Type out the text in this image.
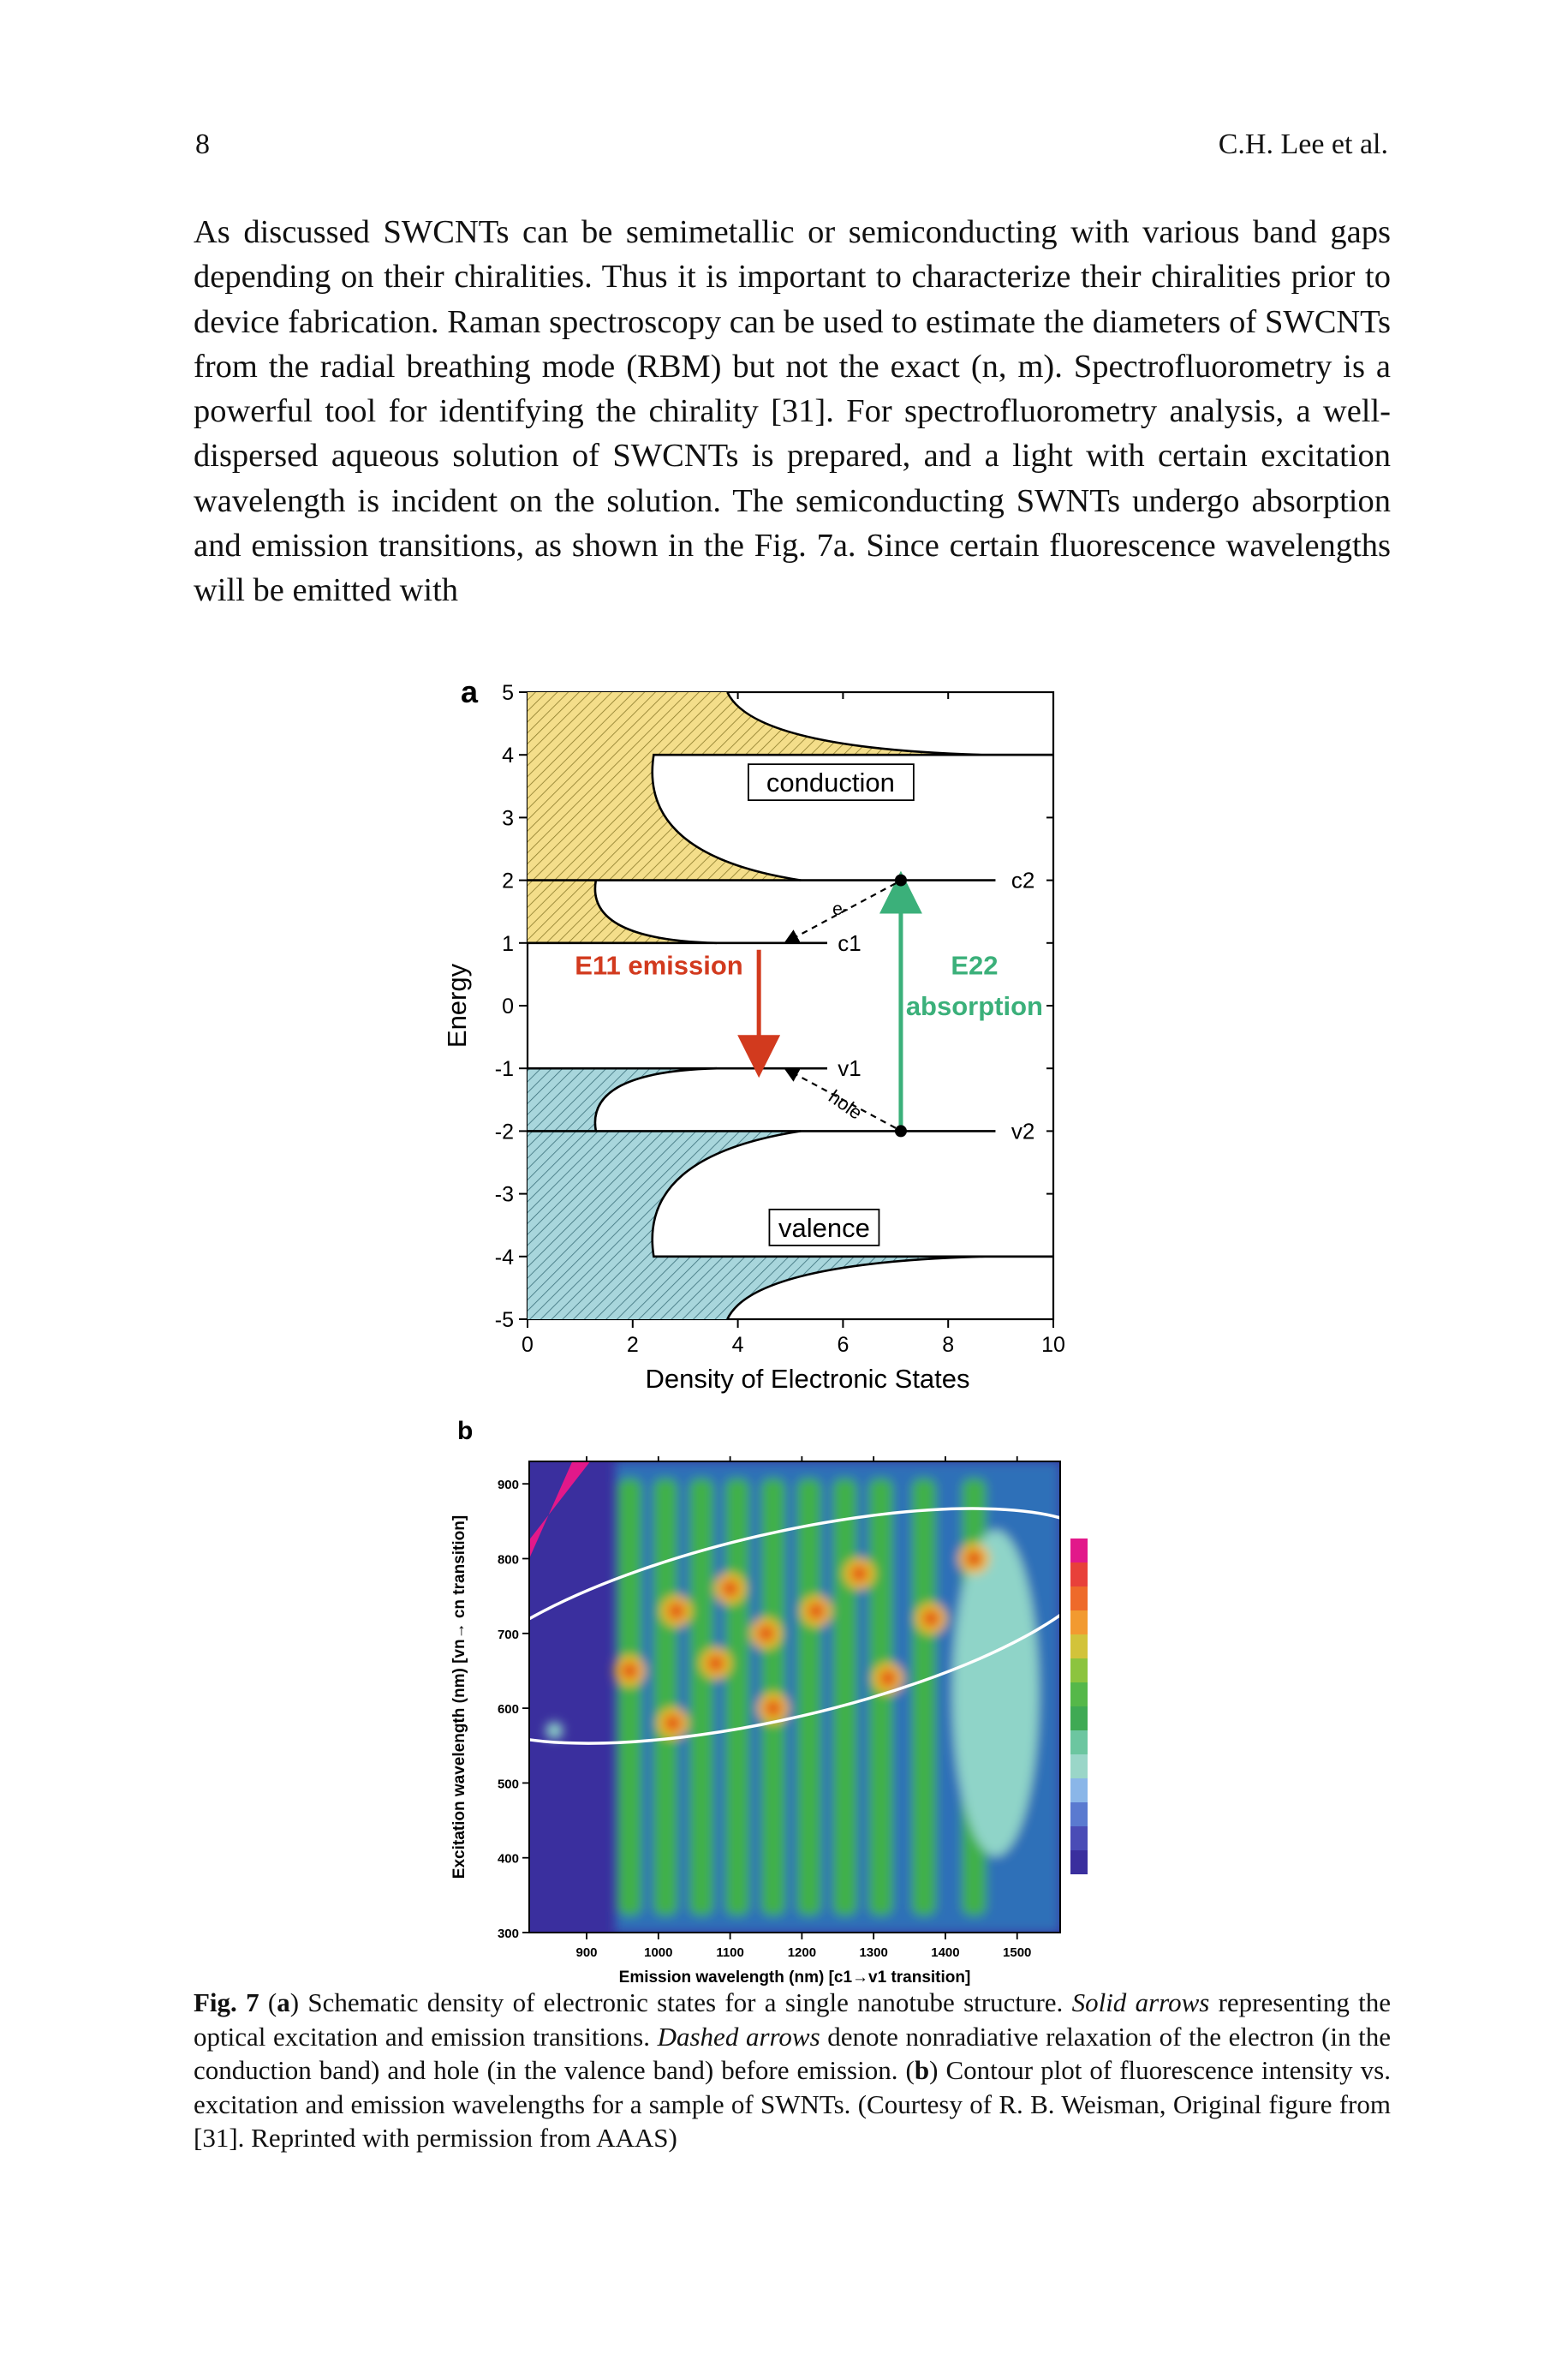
8	C.H. Lee et al.

As discussed SWCNTs can be semimetallic or semiconducting with various band gaps depending on their chiralities. Thus it is important to characterize their chiralities prior to device fabrication. Raman spectroscopy can be used to estimate the diameters of SWCNTs from the radial breathing mode (RBM) but not the exact (n, m). Spectrofluorometry is a powerful tool for identifying the chirality [31]. For spectrofluorometry analysis, a well-dispersed aqueous solution of SWCNTs is prepared, and a light with certain excitation wavelength is incident on the solution. The semiconducting SWNTs undergo absorption and emission transitions, as shown in the Fig. 7a. Since certain fluorescence wavelengths will be emitted with

5
4
3
2
1
0
-1
-2
-3
-4
-5
0	2	4	6	8	10
Density of Electronic States
Energy
a
conduction
valence
E11 emission	E22
absorption
e-
hole
c1
c2
v1
v2
900
800
700
600
500
400
300
900	1000	1100	1200	1300	1400	1500
Emission wavelength (nm) [c1→v1 transition]
Excitation wavelength (nm) [vn→ cn transition]
b
Fig. 7 (a) Schematic density of electronic states for a single nanotube structure. Solid arrows representing the optical excitation and emission transitions. Dashed arrows denote nonradiative relaxation of the electron (in the conduction band) and hole (in the valence band) before emission. (b) Contour plot of fluorescence intensity vs. excitation and emission wavelengths for a sample of SWNTs. (Courtesy of R. B. Weisman, Original figure from [31]. Reprinted with permission from AAAS)
